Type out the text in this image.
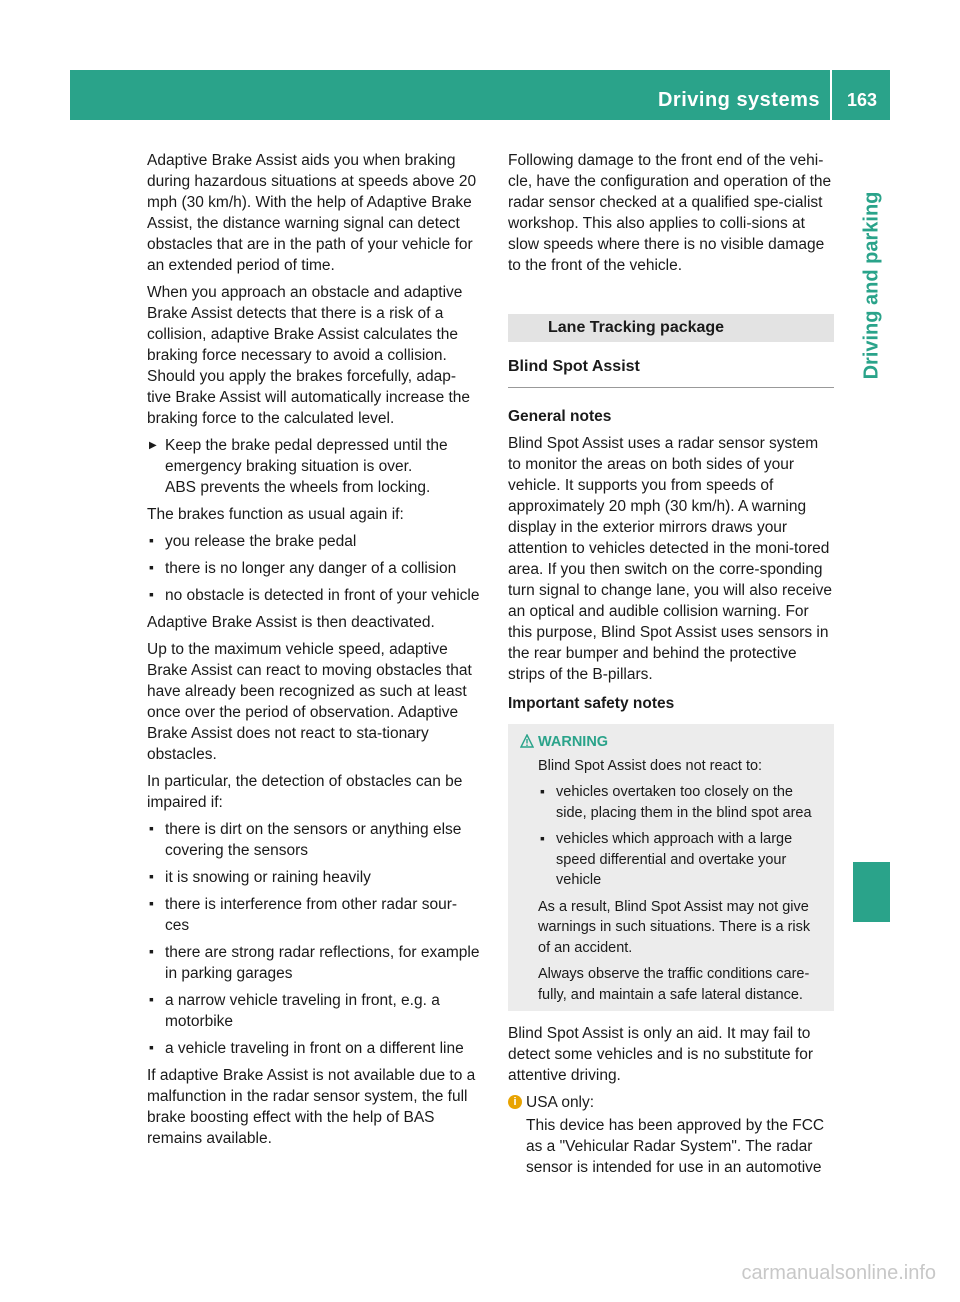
Driving systems	163
Driving and parking

Adaptive Brake Assist aids you when braking during hazardous situations at speeds above 20 mph (30 km/h). With the help of Adaptive Brake Assist, the distance warning signal can detect obstacles that are in the path of your vehicle for an extended period of time.

When you approach an obstacle and adaptive Brake Assist detects that there is a risk of a collision, adaptive Brake Assist calculates the braking force necessary to avoid a collision. Should you apply the brakes forcefully, adap-tive Brake Assist will automatically increase the braking force to the calculated level.

▶ Keep the brake pedal depressed until the emergency braking situation is over.
ABS prevents the wheels from locking.

The brakes function as usual again if:

▪ you release the brake pedal
▪ there is no longer any danger of a collision
▪ no obstacle is detected in front of your vehicle

Adaptive Brake Assist is then deactivated.

Up to the maximum vehicle speed, adaptive Brake Assist can react to moving obstacles that have already been recognized as such at least once over the period of observation. Adaptive Brake Assist does not react to sta-tionary obstacles.

In particular, the detection of obstacles can be impaired if:

▪ there is dirt on the sensors or anything else covering the sensors
▪ it is snowing or raining heavily
▪ there is interference from other radar sour-ces
▪ there are strong radar reflections, for example in parking garages
▪ a narrow vehicle traveling in front, e.g. a motorbike
▪ a vehicle traveling in front on a different line

If adaptive Brake Assist is not available due to a malfunction in the radar sensor system, the full brake boosting effect with the help of BAS remains available.

Following damage to the front end of the vehi-cle, have the configuration and operation of the radar sensor checked at a qualified spe-cialist workshop. This also applies to colli-sions at slow speeds where there is no visible damage to the front of the vehicle.

Lane Tracking package
Blind Spot Assist
General notes

Blind Spot Assist uses a radar sensor system to monitor the areas on both sides of your vehicle. It supports you from speeds of approximately 20 mph (30 km/h). A warning display in the exterior mirrors draws your attention to vehicles detected in the moni-tored area. If you then switch on the corre-sponding turn signal to change lane, you will also receive an optical and audible collision warning. For this purpose, Blind Spot Assist uses sensors in the rear bumper and behind the protective strips of the B-pillars.

Important safety notes
WARNING

Blind Spot Assist does not react to:

▪ vehicles overtaken too closely on the side, placing them in the blind spot area
▪ vehicles which approach with a large speed differential and overtake your vehicle

As a result, Blind Spot Assist may not give warnings in such situations. There is a risk of an accident.

Always observe the traffic conditions care-fully, and maintain a safe lateral distance.

Blind Spot Assist is only an aid. It may fail to detect some vehicles and is no substitute for attentive driving.

i USA only:
This device has been approved by the FCC as a "Vehicular Radar System". The radar sensor is intended for use in an automotive
carmanualsonline.info
